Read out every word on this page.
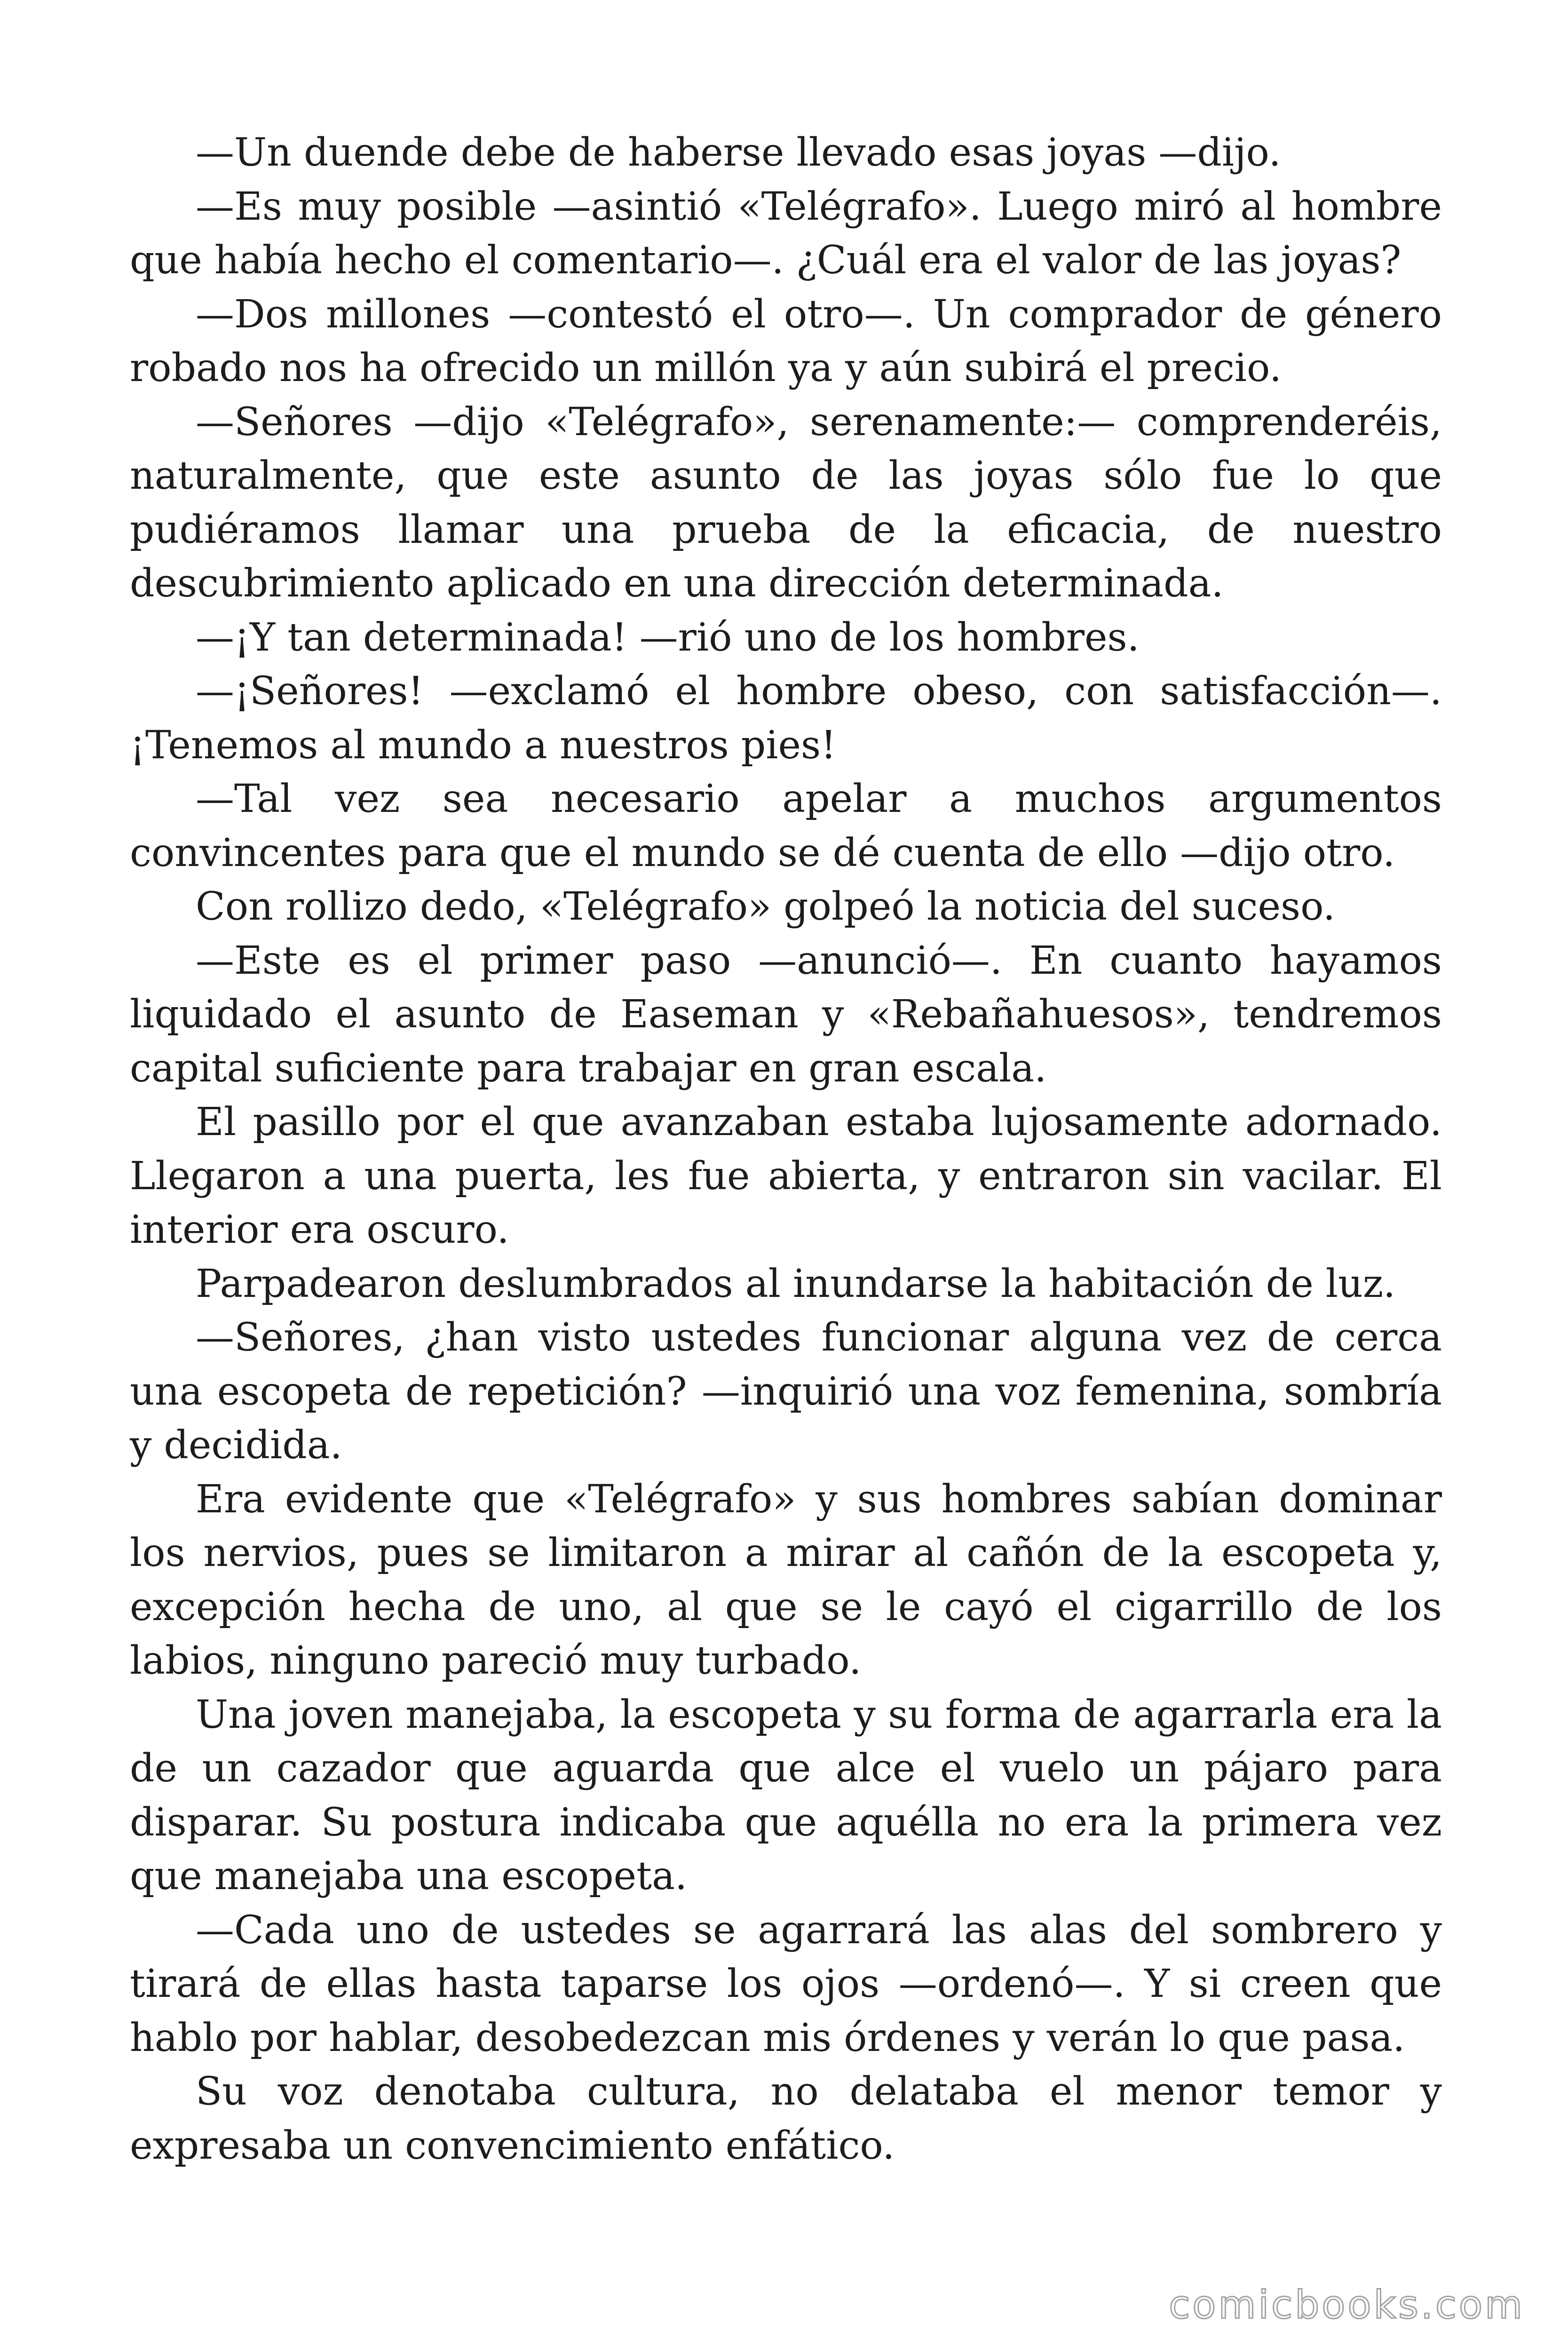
—Un duende debe de haberse llevado esas joyas —dijo.

—Es muy posible —asintió «Telégrafo». Luego miró al hombre que había hecho el comentario—. ¿Cuál era el valor de las joyas?

—Dos millones —contestó el otro—. Un comprador de género robado nos ha ofrecido un millón ya y aún subirá el precio.

—Señores —dijo «Telégrafo», serenamente:— comprenderéis, naturalmente, que este asunto de las joyas sólo fue lo que pudiéramos llamar una prueba de la eficacia, de nuestro descubrimiento aplicado en una dirección determinada.

—¡Y tan determinada! —rió uno de los hombres.

—¡Señores! —exclamó el hombre obeso, con satisfacción—. ¡Tenemos al mundo a nuestros pies!

—Tal vez sea necesario apelar a muchos argumentos convincentes para que el mundo se dé cuenta de ello —dijo otro.

Con rollizo dedo, «Telégrafo» golpeó la noticia del suceso.

—Este es el primer paso —anunció—. En cuanto hayamos liquidado el asunto de Easeman y «Rebañahuesos», tendremos capital suficiente para trabajar en gran escala.

El pasillo por el que avanzaban estaba lujosamente adornado. Llegaron a una puerta, les fue abierta, y entraron sin vacilar. El interior era oscuro.

Parpadearon deslumbrados al inundarse la habitación de luz.

—Señores, ¿han visto ustedes funcionar alguna vez de cerca una escopeta de repetición? —inquirió una voz femenina, sombría y decidida.

Era evidente que «Telégrafo» y sus hombres sabían dominar los nervios, pues se limitaron a mirar al cañón de la escopeta y, excepción hecha de uno, al que se le cayó el cigarrillo de los labios, ninguno pareció muy turbado.

Una joven manejaba, la escopeta y su forma de agarrarla era la de un cazador que aguarda que alce el vuelo un pájaro para disparar. Su postura indicaba que aquélla no era la primera vez que manejaba una escopeta.

—Cada uno de ustedes se agarrará las alas del sombrero y tirará de ellas hasta taparse los ojos —ordenó—. Y si creen que hablo por hablar, desobedezcan mis órdenes y verán lo que pasa.

Su voz denotaba cultura, no delataba el menor temor y expresaba un convencimiento enfático.

comicbooks.com
